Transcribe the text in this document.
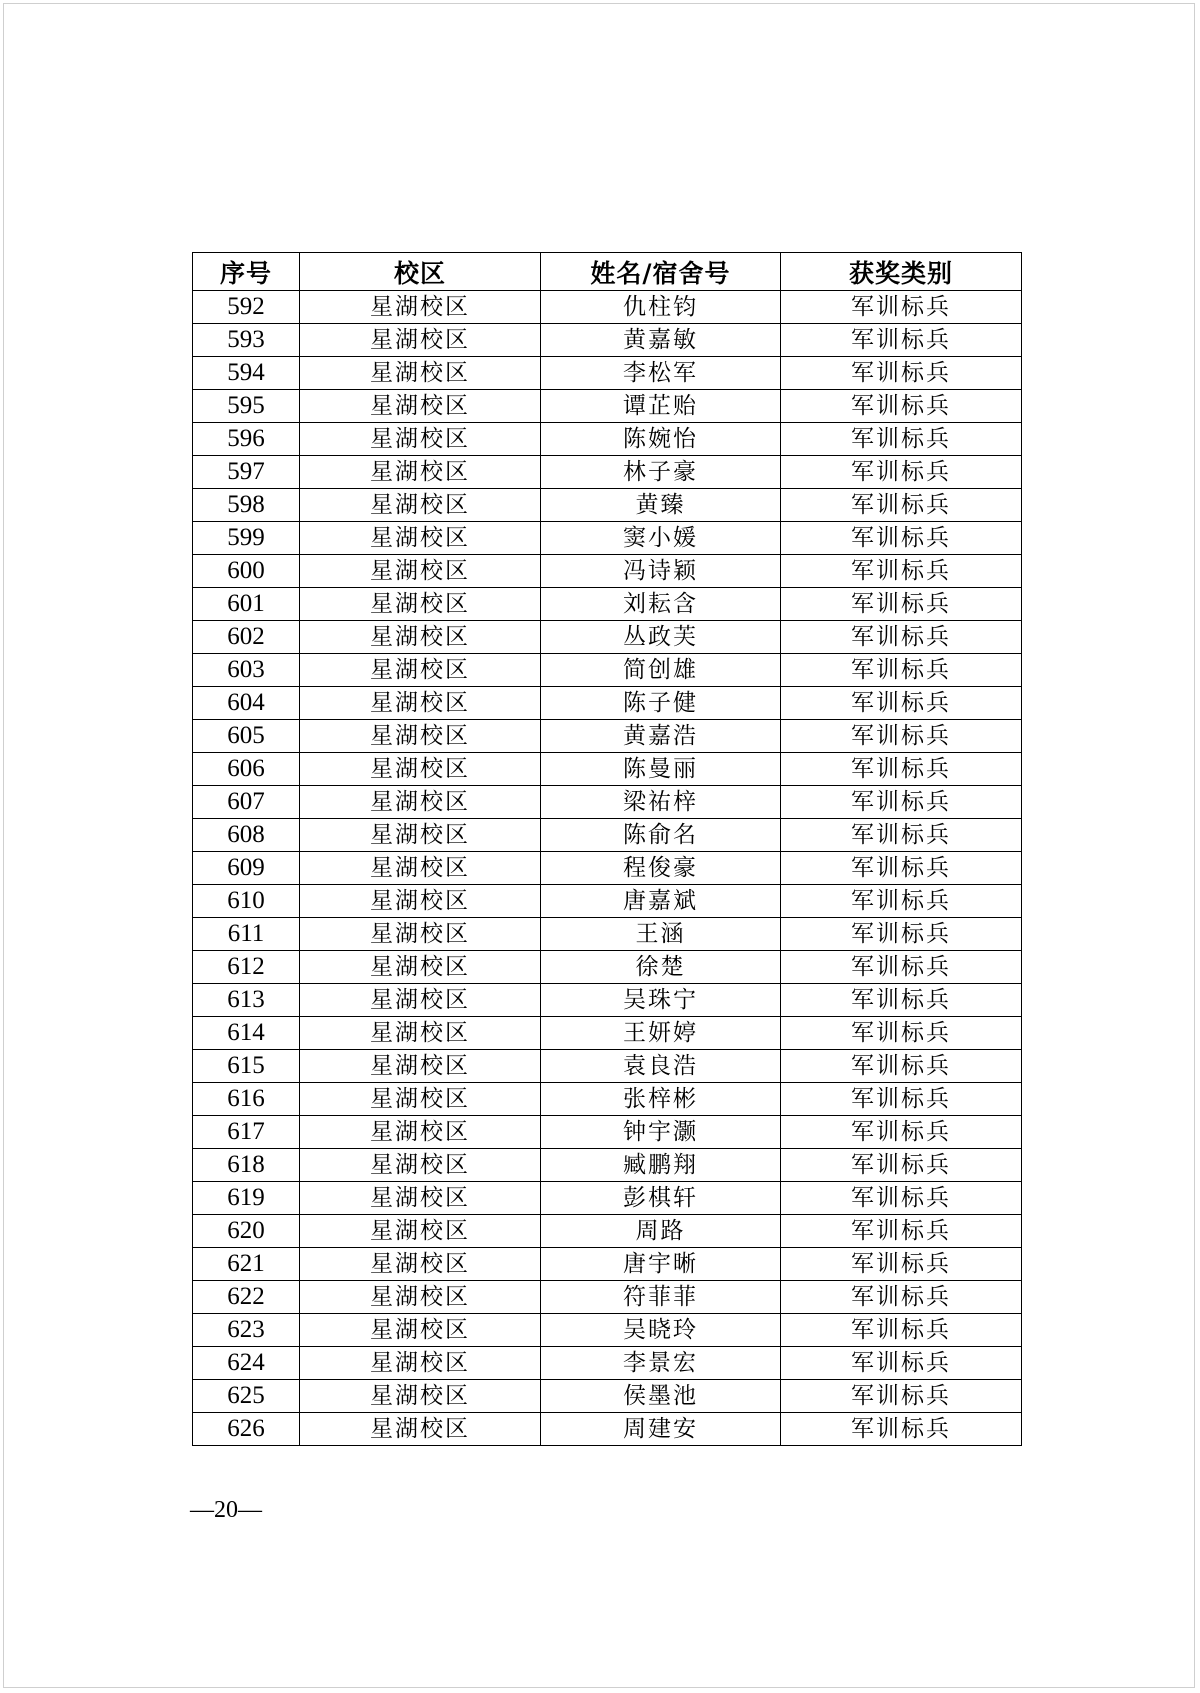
序号	校区	姓名/宿舍号	获奖类别
592	星湖校区	仇柱钧	军训标兵
593	星湖校区	黄嘉敏	军训标兵
594	星湖校区	李松军	军训标兵
595	星湖校区	谭芷贻	军训标兵
596	星湖校区	陈婉怡	军训标兵
597	星湖校区	林子豪	军训标兵
598	星湖校区	黄臻	军训标兵
599	星湖校区	窦小媛	军训标兵
600	星湖校区	冯诗颖	军训标兵
601	星湖校区	刘耘含	军训标兵
602	星湖校区	丛政芙	军训标兵
603	星湖校区	简创雄	军训标兵
604	星湖校区	陈子健	军训标兵
605	星湖校区	黄嘉浩	军训标兵
606	星湖校区	陈曼丽	军训标兵
607	星湖校区	梁祐梓	军训标兵
608	星湖校区	陈俞名	军训标兵
609	星湖校区	程俊豪	军训标兵
610	星湖校区	唐嘉斌	军训标兵
611	星湖校区	王涵	军训标兵
612	星湖校区	徐楚	军训标兵
613	星湖校区	吴珠宁	军训标兵
614	星湖校区	王妍婷	军训标兵
615	星湖校区	袁良浩	军训标兵
616	星湖校区	张梓彬	军训标兵
617	星湖校区	钟宇灏	军训标兵
618	星湖校区	臧鹏翔	军训标兵
619	星湖校区	彭棋轩	军训标兵
620	星湖校区	周路	军训标兵
621	星湖校区	唐宇晰	军训标兵
622	星湖校区	符菲菲	军训标兵
623	星湖校区	吴晓玲	军训标兵
624	星湖校区	李景宏	军训标兵
625	星湖校区	侯墨池	军训标兵
626	星湖校区	周建安	军训标兵
—20—
